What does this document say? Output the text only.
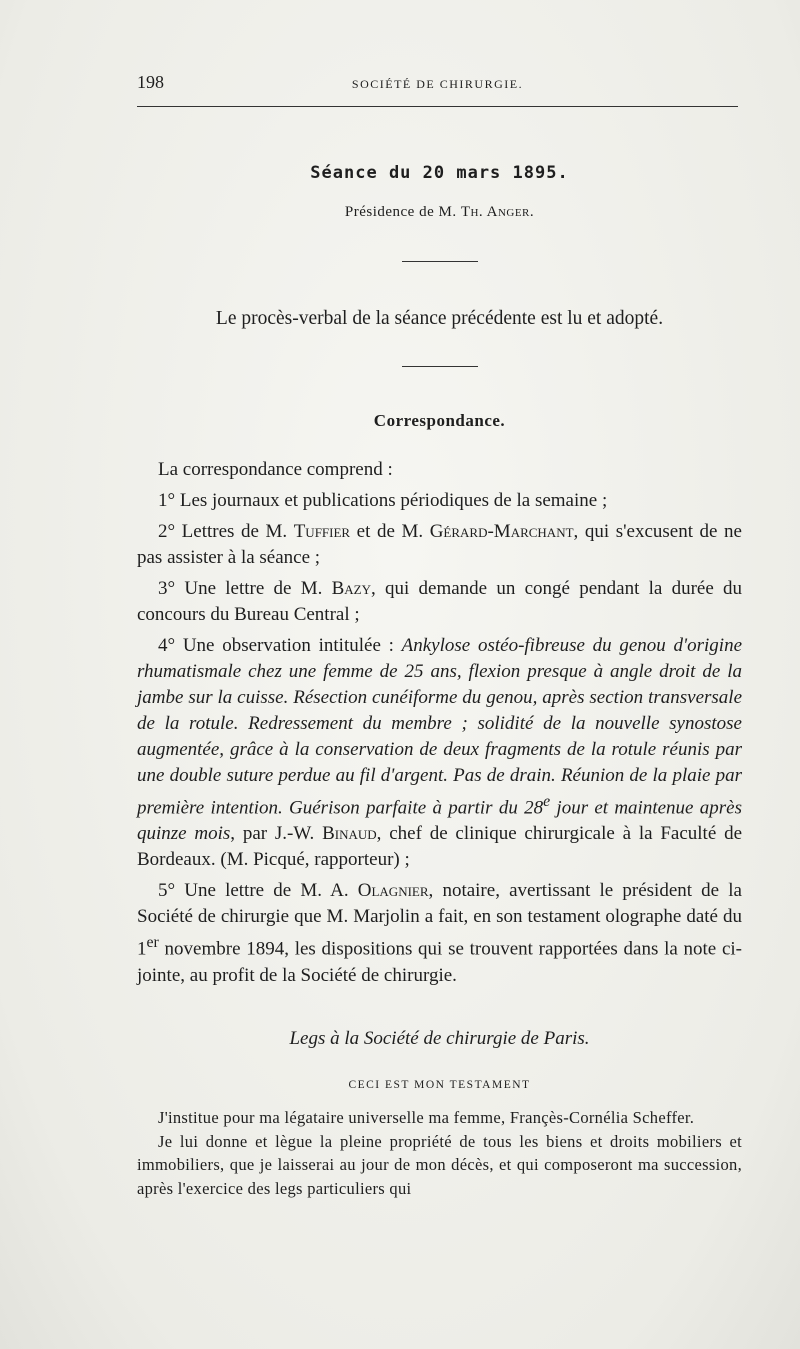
198	SOCIÉTÉ DE CHIRURGIE.
Séance du 20 mars 1895.
Présidence de M. Th. Anger.
Le procès-verbal de la séance précédente est lu et adopté.
Correspondance.

La correspondance comprend :

1° Les journaux et publications périodiques de la semaine ;

2° Lettres de M. Tuffier et de M. Gérard-Marchant, qui s'excusent de ne pas assister à la séance ;

3° Une lettre de M. Bazy, qui demande un congé pendant la durée du concours du Bureau Central ;

4° Une observation intitulée : Ankylose ostéo-fibreuse du genou d'origine rhumatismale chez une femme de 25 ans, flexion presque à angle droit de la jambe sur la cuisse. Résection cunéiforme du genou, après section transversale de la rotule. Redressement du membre ; solidité de la nouvelle synostose augmentée, grâce à la conservation de deux fragments de la rotule réunis par une double suture perdue au fil d'argent. Pas de drain. Réunion de la plaie par première intention. Guérison parfaite à partir du 28e jour et maintenue après quinze mois, par J.-W. Binaud, chef de clinique chirurgicale à la Faculté de Bordeaux. (M. Picqué, rapporteur) ;

5° Une lettre de M. A. Olagnier, notaire, avertissant le président de la Société de chirurgie que M. Marjolin a fait, en son testament olographe daté du 1er novembre 1894, les dispositions qui se trouvent rapportées dans la note ci-jointe, au profit de la Société de chirurgie.

Legs à la Société de chirurgie de Paris.
CECI EST MON TESTAMENT

J'institue pour ma légataire universelle ma femme, Françès-Cornélia Scheffer.

Je lui donne et lègue la pleine propriété de tous les biens et droits mobiliers et immobiliers, que je laisserai au jour de mon décès, et qui composeront ma succession, après l'exercice des legs particuliers qui
